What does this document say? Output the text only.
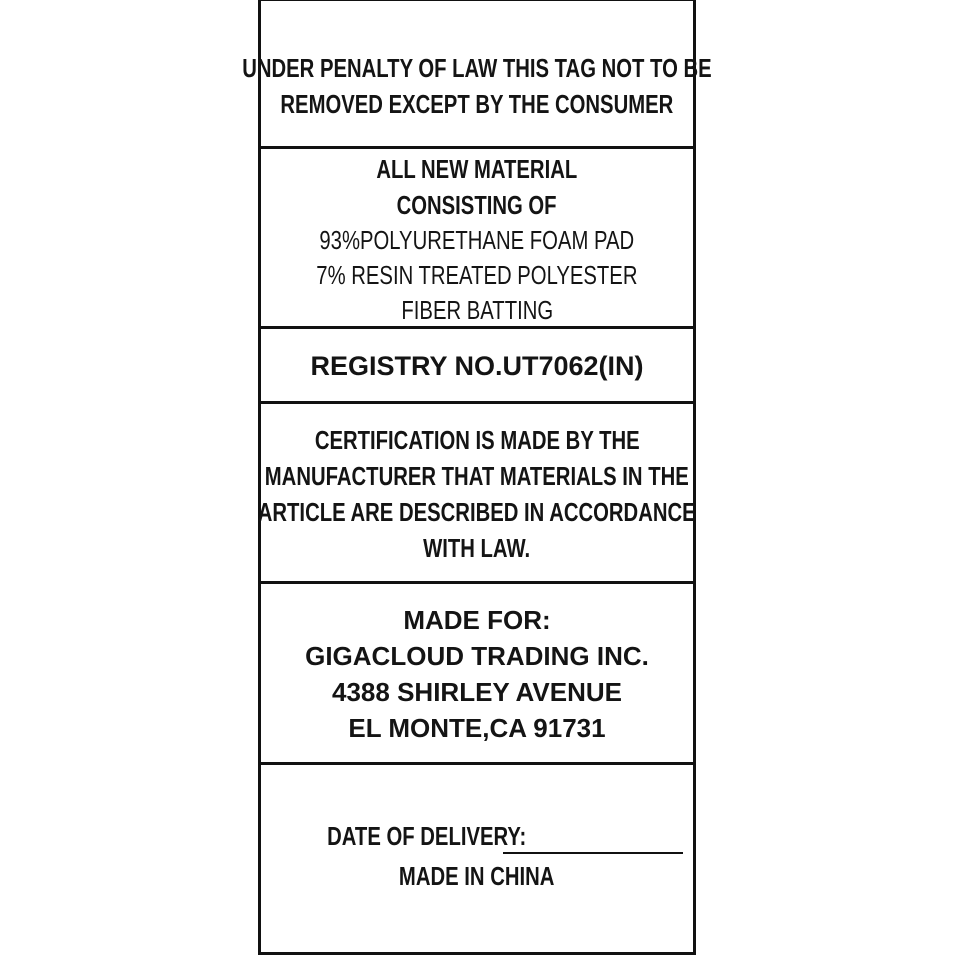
UNDER PENALTY OF LAW THIS TAG NOT TO BE
REMOVED EXCEPT BY THE CONSUMER
ALL NEW MATERIAL
CONSISTING OF
93%POLYURETHANE FOAM PAD
7% RESIN TREATED POLYESTER
FIBER BATTING
REGISTRY NO.UT7062(IN)
CERTIFICATION IS MADE BY THE
MANUFACTURER THAT MATERIALS IN THE
ARTICLE ARE DESCRIBED IN ACCORDANCE
WITH LAW.
MADE FOR:
GIGACLOUD TRADING INC.
4388 SHIRLEY AVENUE
EL MONTE,CA 91731
DATE OF DELIVERY:
MADE IN CHINA
